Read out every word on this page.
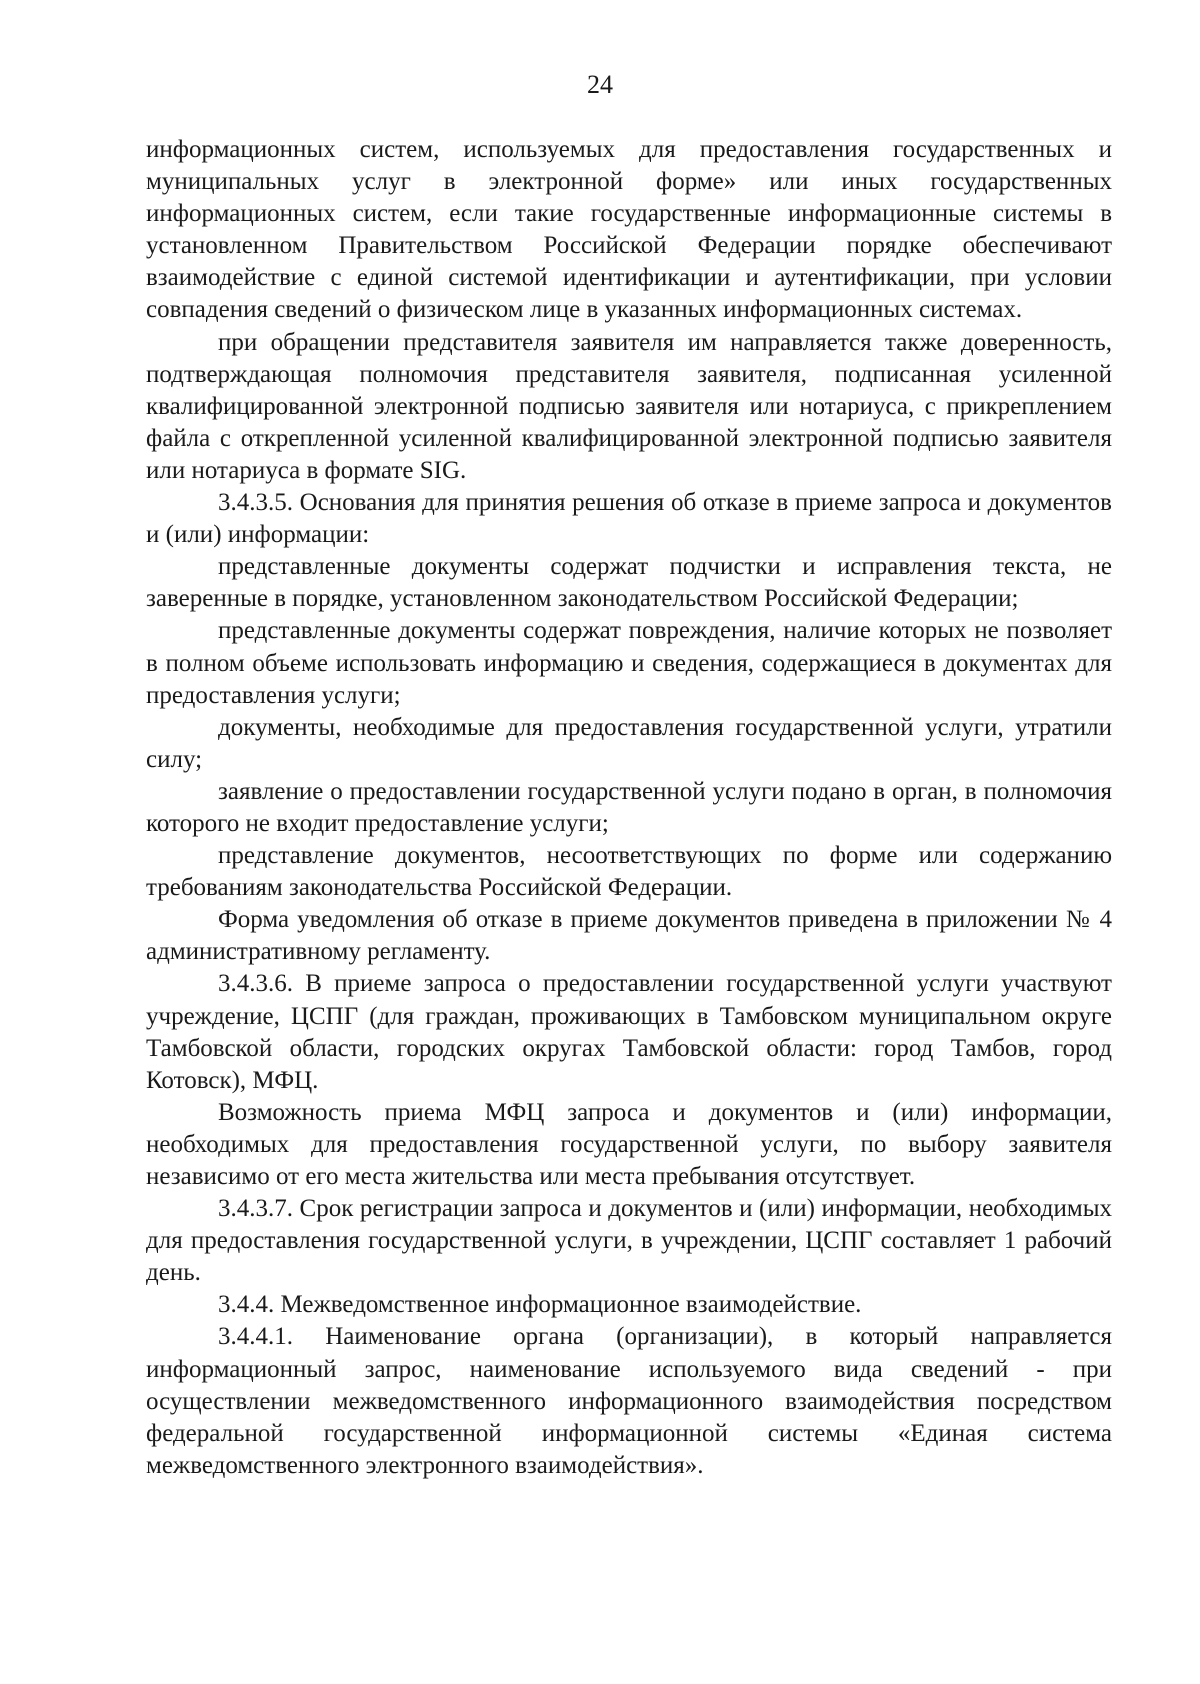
24

информационных систем, используемых для предоставления государственных и муниципальных услуг в электронной форме» или иных государственных информационных систем, если такие государственные информационные системы в установленном Правительством Российской Федерации порядке обеспечивают взаимодействие с единой системой идентификации и аутентификации, при условии совпадения сведений о физическом лице в указанных информационных системах.

при обращении представителя заявителя им направляется также доверенность, подтверждающая полномочия представителя заявителя, подписанная усиленной квалифицированной электронной подписью заявителя или нотариуса, с прикреплением файла с открепленной усиленной квалифицированной электронной подписью заявителя или нотариуса в формате SIG.

3.4.3.5. Основания для принятия решения об отказе в приеме запроса и документов и (или) информации:

представленные документы содержат подчистки и исправления текста, не заверенные в порядке, установленном законодательством Российской Федерации;

представленные документы содержат повреждения, наличие которых не позволяет в полном объеме использовать информацию и сведения, содержащиеся в документах для предоставления услуги;

документы, необходимые для предоставления государственной услуги, утратили силу;

заявление о предоставлении государственной услуги подано в орган, в полномочия которого не входит предоставление услуги;

представление документов, несоответствующих по форме или содержанию требованиям законодательства Российской Федерации.

Форма уведомления об отказе в приеме документов приведена в приложении № 4 административному регламенту.

3.4.3.6. В приеме запроса о предоставлении государственной услуги участвуют учреждение, ЦСПГ (для граждан, проживающих в Тамбовском муниципальном округе Тамбовской области, городских округах Тамбовской области: город Тамбов, город Котовск), МФЦ.

Возможность приема МФЦ запроса и документов и (или) информации, необходимых для предоставления государственной услуги, по выбору заявителя независимо от его места жительства или места пребывания отсутствует.

3.4.3.7. Срок регистрации запроса и документов и (или) информации, необходимых для предоставления государственной услуги, в учреждении, ЦСПГ составляет 1 рабочий день.

3.4.4. Межведомственное информационное взаимодействие.

3.4.4.1. Наименование органа (организации), в который направляется информационный запрос, наименование используемого вида сведений - при осуществлении межведомственного информационного взаимодействия посредством федеральной государственной информационной системы «Единая система межведомственного электронного взаимодействия».
